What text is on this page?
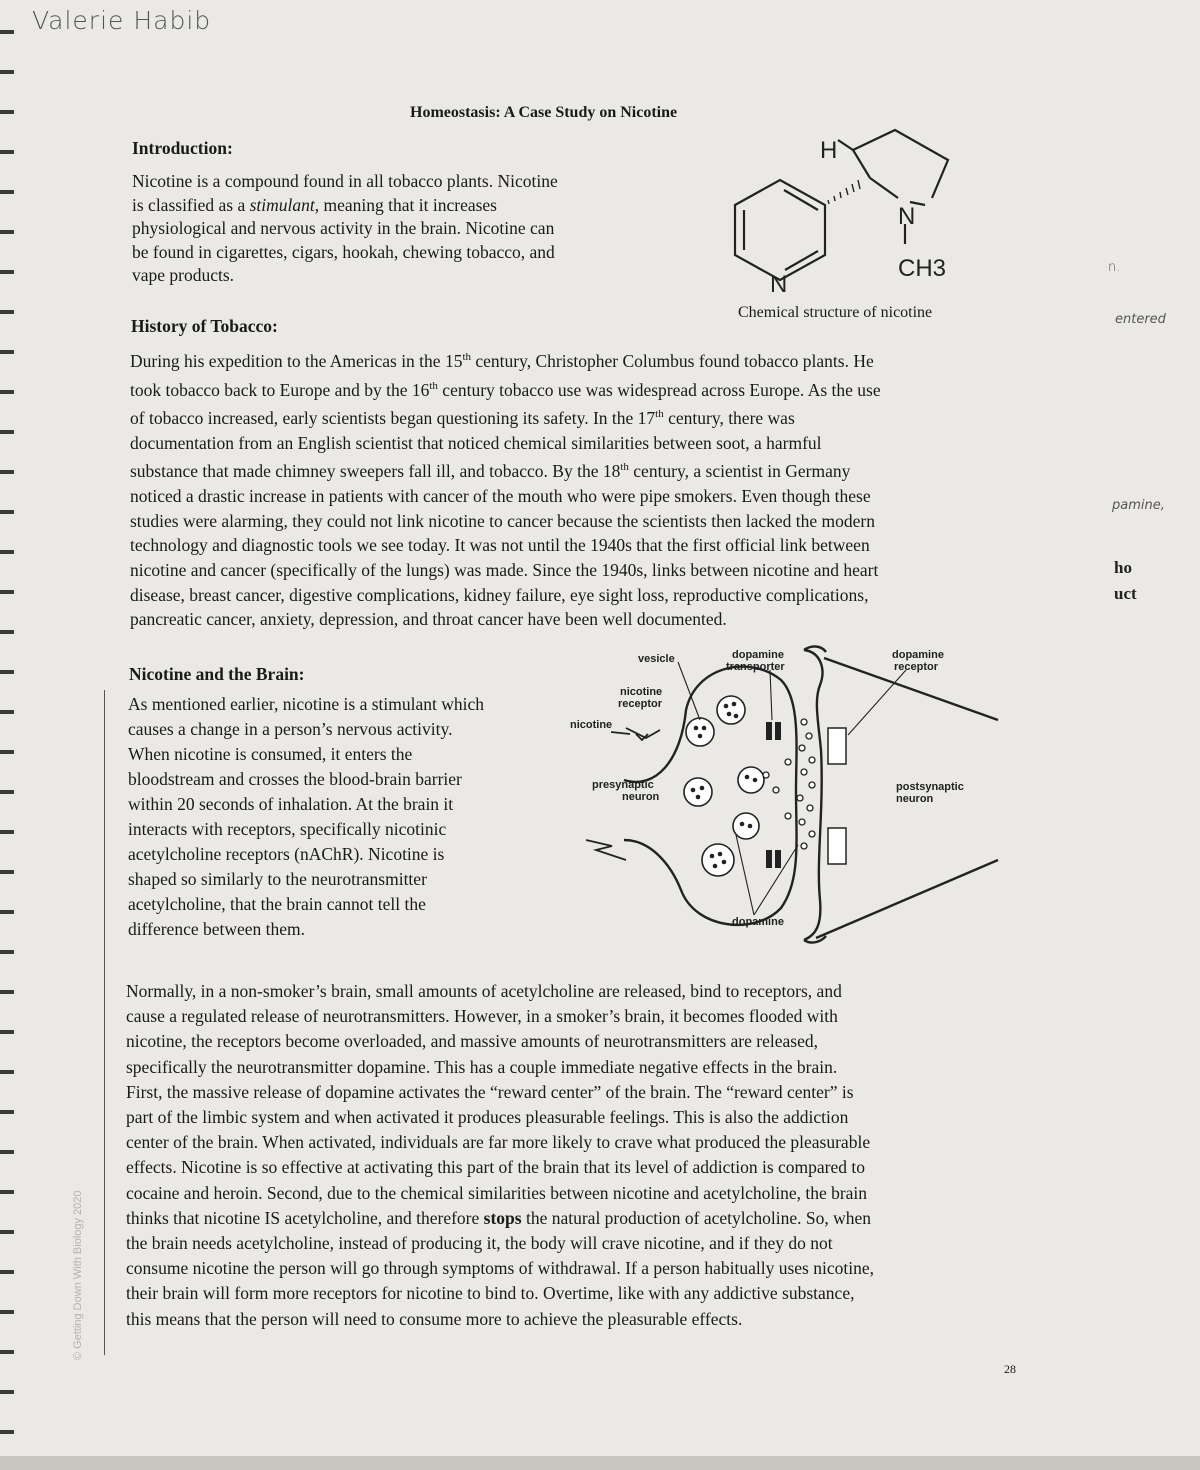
© Getting Down With Biology 2020
Valerie Habib
n.
entered
pamine,
ho
uct
Homeostasis: A Case Study on Nicotine
Introduction:
Nicotine is a compound found in all tobacco plants. Nicotine
is classified as a stimulant, meaning that it increases
physiological and nervous activity in the brain. Nicotine can
be found in cigarettes, cigars, hookah, chewing tobacco, and
vape products.
H
N
N
CH3
Chemical structure of nicotine
History of Tobacco:
During his expedition to the Americas in the 15th century, Christopher Columbus found tobacco plants. He
took tobacco back to Europe and by the 16th century tobacco use was widespread across Europe. As the use
of tobacco increased, early scientists began questioning its safety. In the 17th century, there was
documentation from an English scientist that noticed chemical similarities between soot, a harmful
substance that made chimney sweepers fall ill, and tobacco. By the 18th century, a scientist in Germany
noticed a drastic increase in patients with cancer of the mouth who were pipe smokers. Even though these
studies were alarming, they could not link nicotine to cancer because the scientists then lacked the modern
technology and diagnostic tools we see today. It was not until the 1940s that the first official link between
nicotine and cancer (specifically of the lungs) was made. Since the 1940s, links between nicotine and heart
disease, breast cancer, digestive complications, kidney failure, eye sight loss, reproductive complications,
pancreatic cancer, anxiety, depression, and throat cancer have been well documented.
Nicotine and the Brain:
As mentioned earlier, nicotine is a stimulant which
causes a change in a person’s nervous activity.
When nicotine is consumed, it enters the
bloodstream and crosses the blood-brain barrier
within 20 seconds of inhalation. At the brain it
interacts with receptors, specifically nicotinic
acetylcholine receptors (nAChR). Nicotine is
shaped so similarly to the neurotransmitter
acetylcholine, that the brain cannot tell the
difference between them.
vesicle	dopamine
transporter
dopamine
receptor
nicotine
receptor
nicotine
presynaptic
neuron
postsynaptic
neuron
dopamine
Normally, in a non-smoker’s brain, small amounts of acetylcholine are released, bind to receptors, and
cause a regulated release of neurotransmitters. However, in a smoker’s brain, it becomes flooded with
nicotine, the receptors become overloaded, and massive amounts of neurotransmitters are released,
specifically the neurotransmitter dopamine. This has a couple immediate negative effects in the brain.
First, the massive release of dopamine activates the “reward center” of the brain. The “reward center” is
part of the limbic system and when activated it produces pleasurable feelings. This is also the addiction
center of the brain. When activated, individuals are far more likely to crave what produced the pleasurable
effects. Nicotine is so effective at activating this part of the brain that its level of addiction is compared to
cocaine and heroin. Second, due to the chemical similarities between nicotine and acetylcholine, the brain
thinks that nicotine IS acetylcholine, and therefore stops the natural production of acetylcholine. So, when
the brain needs acetylcholine, instead of producing it, the body will crave nicotine, and if they do not
consume nicotine the person will go through symptoms of withdrawal. If a person habitually uses nicotine,
their brain will form more receptors for nicotine to bind to. Overtime, like with any addictive substance,
this means that the person will need to consume more to achieve the pleasurable effects.
28
